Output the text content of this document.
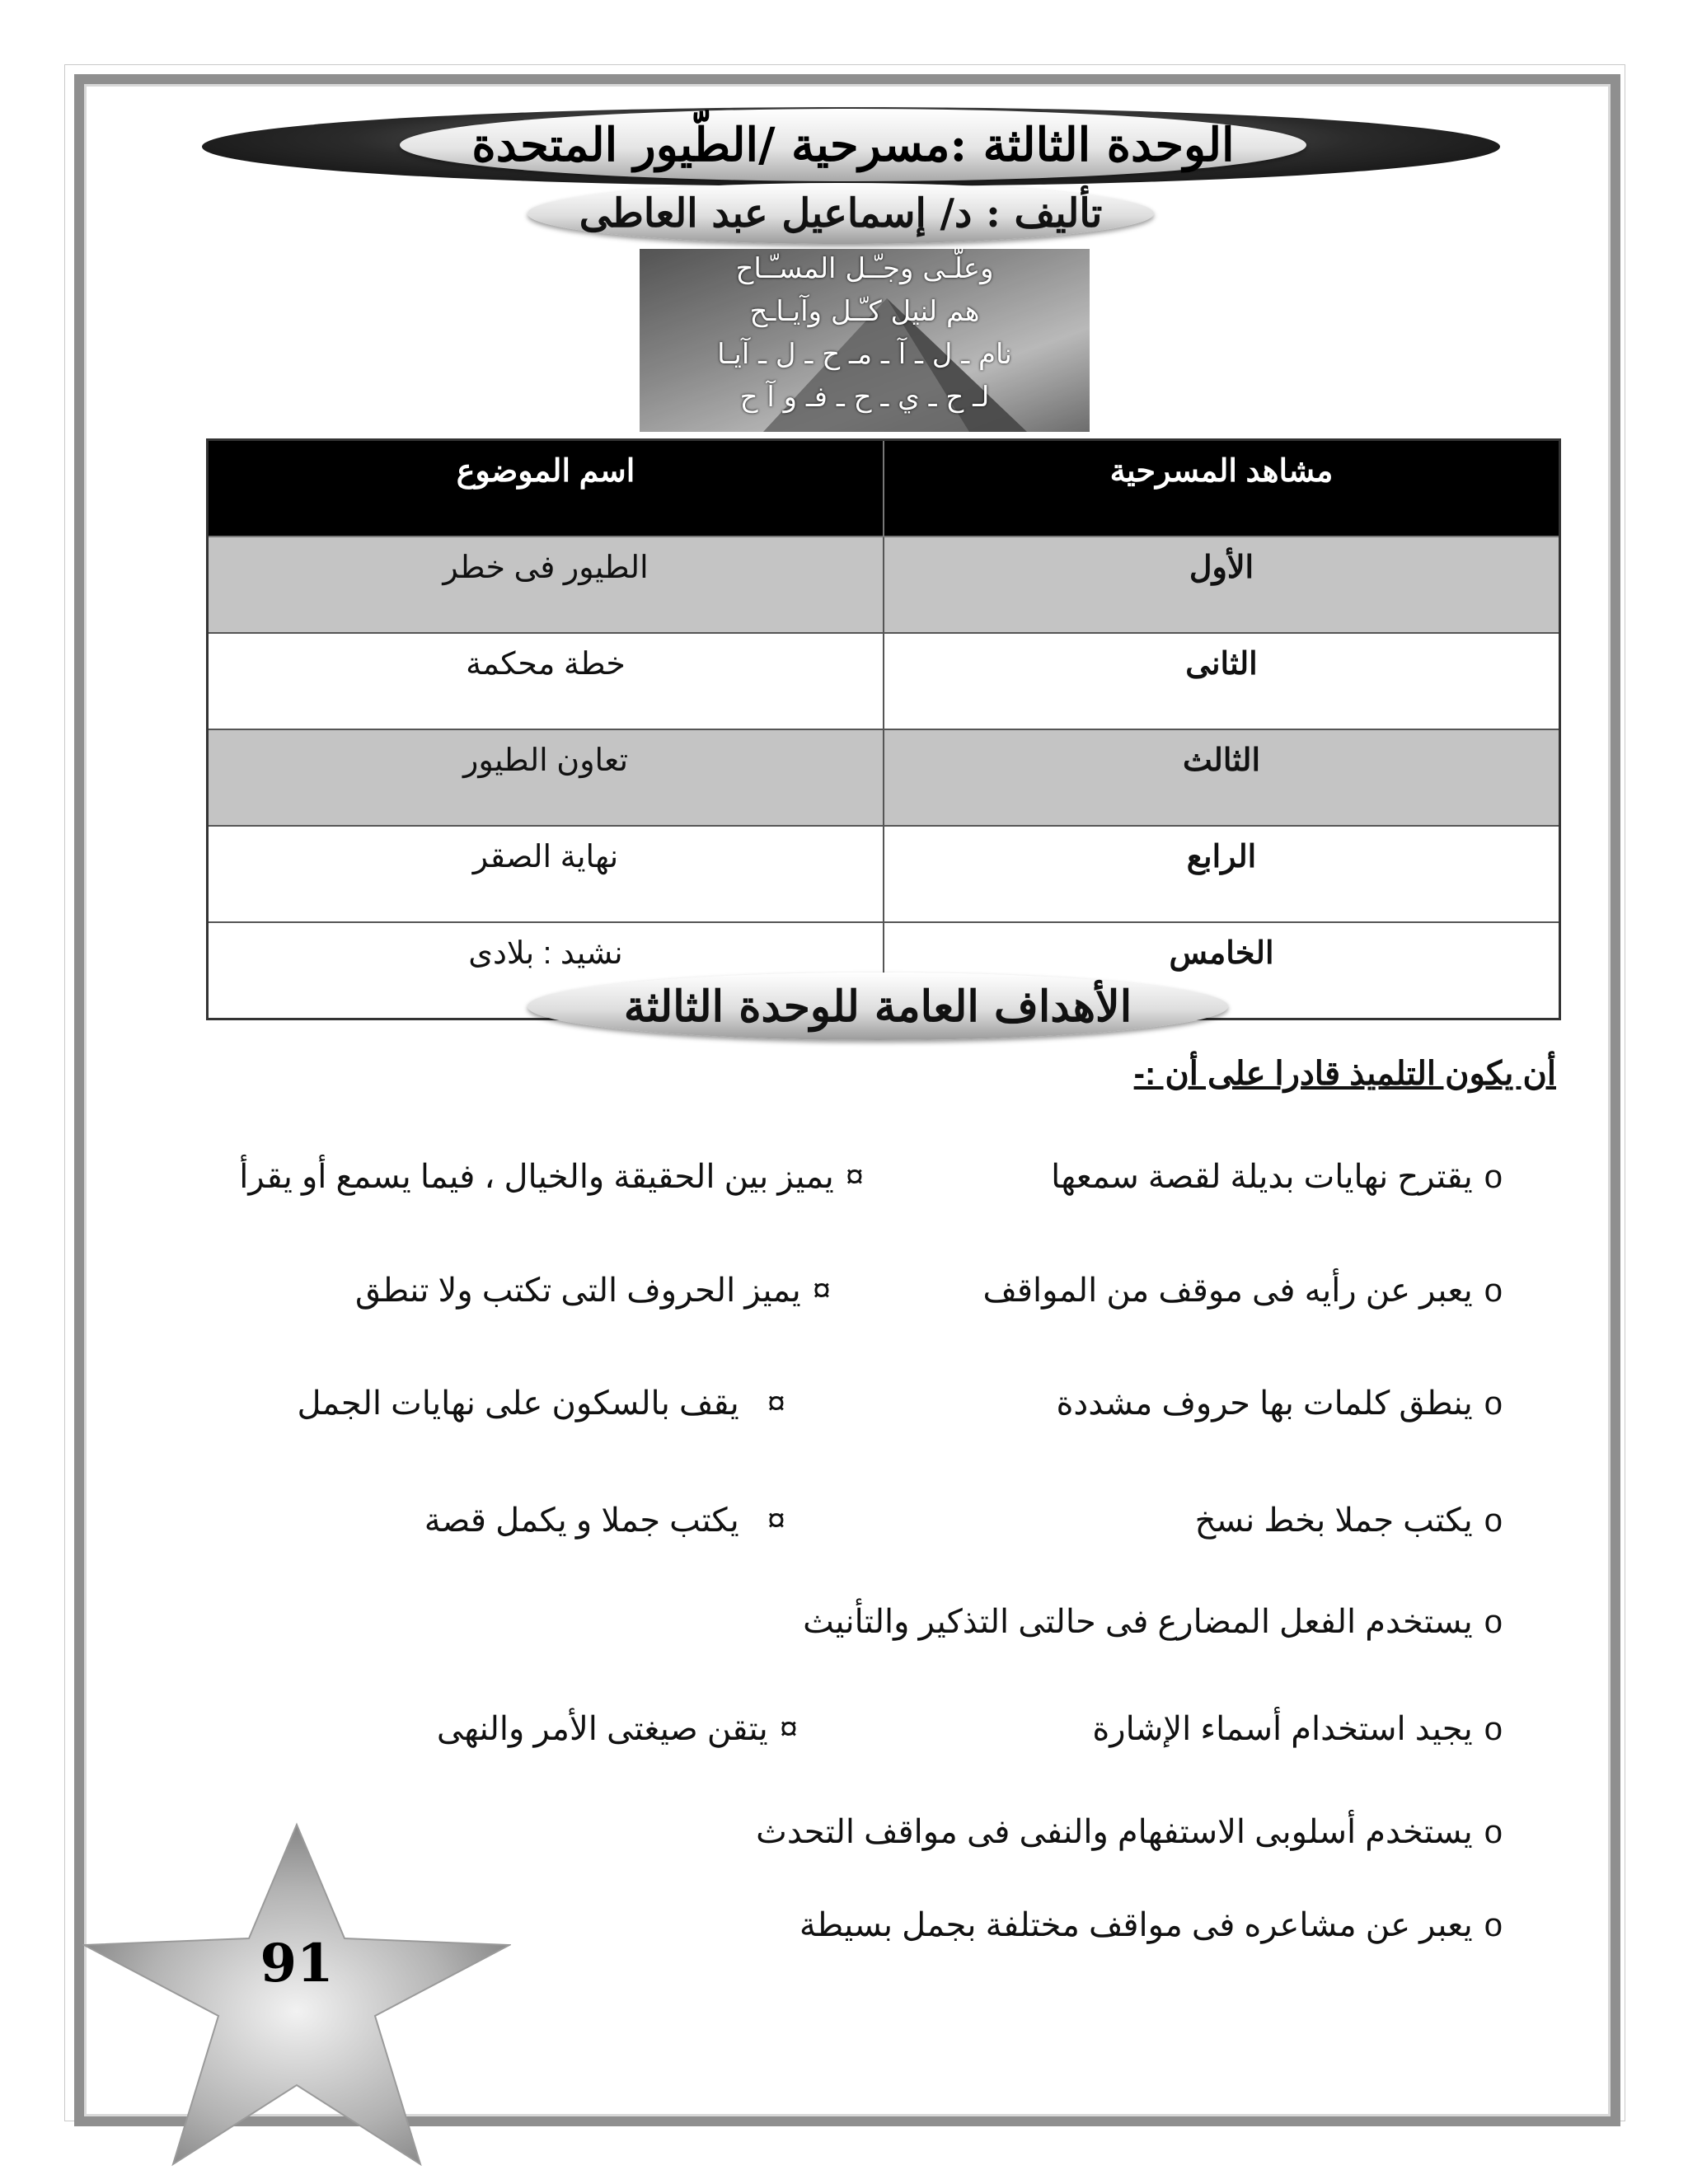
الوحدة الثالثة :مسرحية /الطّيور المتحدة
تأليف : د/ إسماعيل عبد العاطى
وعلّـى وجـّـل المسـّـاح
هم لنيل كـّـل وآيـاـح
نام ـ ل ـ آ ـ مـ ح ـ ل ـ آيـا
لـ ح ـ ي ـ ح ـ فـ و آ ح
مشاهد المسرحية	اسم الموضوع
الأول	الطيور فى خطر
الثانى	خطة محكمة
الثالث	تعاون الطيور
الرابع	نهاية الصقر
الخامس	نشيد : بلادى
الأهداف العامة للوحدة الثالثة
أن يكون التلميذ قادرا على أن :-
oيقترح نهايات بديلة لقصة سمعها
oيعبر عن رأيه فى موقف من المواقف
oينطق كلمات بها حروف مشددة
oيكتب جملا بخط نسخ
oيستخدم الفعل المضارع فى حالتى التذكير والتأنيث
oيجيد استخدام أسماء الإشارة
oيستخدم أسلوبى الاستفهام والنفى فى مواقف التحدث
oيعبر عن مشاعره فى مواقف مختلفة بجمل بسيطة
¤يميز بين الحقيقة والخيال ، فيما يسمع أو يقرأ
¤يميز الحروف التى تكتب ولا تنطق
¤يقف بالسكون على نهايات الجمل
¤يكتب جملا و يكمل قصة
¤يتقن صيغتى الأمر والنهى
91
